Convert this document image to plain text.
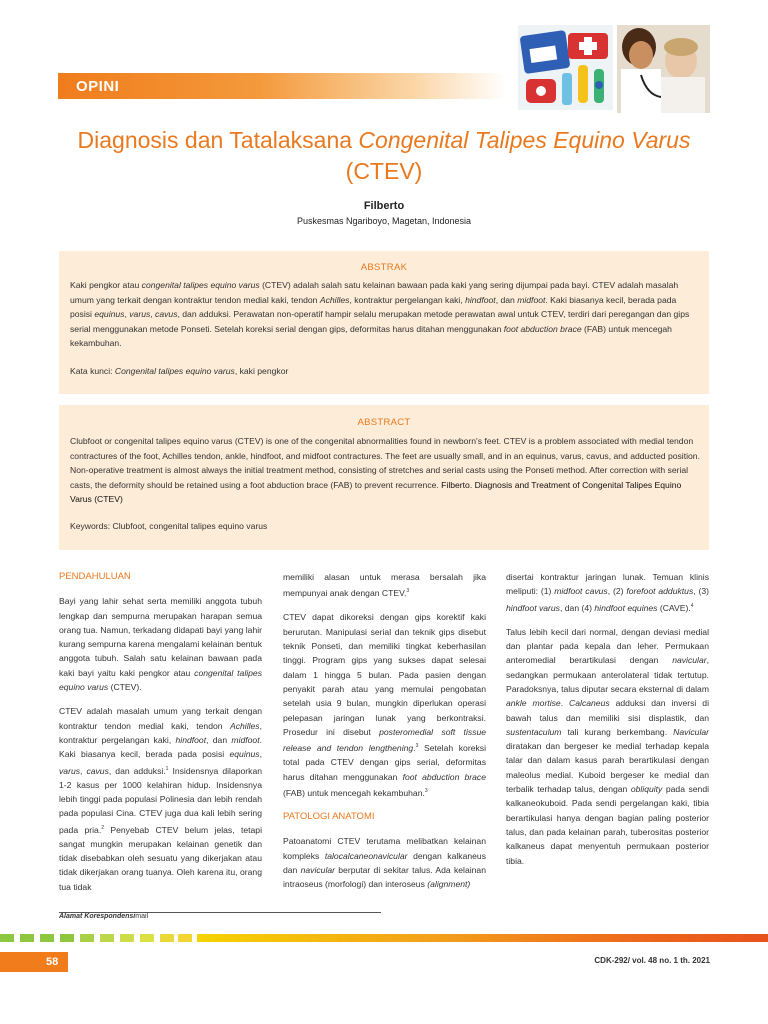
OPINI
Diagnosis dan Tatalaksana Congenital Talipes Equino Varus (CTEV)
Filberto
Puskesmas Ngariboyo, Magetan, Indonesia
ABSTRAK
Kaki pengkor atau congenital talipes equino varus (CTEV) adalah salah satu kelainan bawaan pada kaki yang sering dijumpai pada bayi. CTEV adalah masalah umum yang terkait dengan kontraktur tendon medial kaki, tendon Achilles, kontraktur pergelangan kaki, hindfoot, dan midfoot. Kaki biasanya kecil, berada pada posisi equinus, varus, cavus, dan adduksi. Perawatan non-operatif hampir selalu merupakan metode perawatan awal untuk CTEV, terdiri dari peregangan dan gips serial menggunakan metode Ponseti. Setelah koreksi serial dengan gips, deformitas harus ditahan menggunakan foot abduction brace (FAB) untuk mencegah kekambuhan.
Kata kunci: Congenital talipes equino varus, kaki pengkor
ABSTRACT
Clubfoot or congenital talipes equino varus (CTEV) is one of the congenital abnormalities found in newborn's feet. CTEV is a problem associated with medial tendon contractures of the foot, Achilles tendon, ankle, hindfoot, and midfoot contractures. The feet are usually small, and in an equinus, varus, cavus, and adducted position. Non-operative treatment is almost always the initial treatment method, consisting of stretches and serial casts using the Ponseti method. After correction with serial casts, the deformity should be retained using a foot abduction brace (FAB) to prevent recurrence. Filberto. Diagnosis and Treatment of Congenital Talipes Equino Varus (CTEV)
Keywords: Clubfoot, congenital talipes equino varus

PENDAHULUAN

Bayi yang lahir sehat serta memiliki anggota tubuh lengkap dan sempurna merupakan harapan semua orang tua. Namun, terkadang didapati bayi yang lahir kurang sempurna karena mengalami kelainan bentuk anggota tubuh. Salah satu kelainan bawaan pada kaki bayi yaitu kaki pengkor atau congenital talipes equino varus (CTEV).

CTEV adalah masalah umum yang terkait dengan kontraktur tendon medial kaki, tendon Achilles, kontraktur pergelangan kaki, hindfoot, dan midfoot. Kaki biasanya kecil, berada pada posisi equinus, varus, cavus, dan adduksi.$^1$ Insidensnya dilaporkan 1-2 kasus per 1000 kelahiran hidup. Insidensnya lebih tinggi pada populasi Polinesia dan lebih rendah pada populasi Cina. CTEV juga dua kali lebih sering pada pria.$^2$ Penyebab CTEV belum jelas, tetapi sangat mungkin merupakan kelainan genetik dan tidak disebabkan oleh sesuatu yang dikerjakan atau tidak dikerjakan orang tuanya. Oleh karena itu, orang tua tidak

memiliki alasan untuk merasa bersalah jika mempunyai anak dengan CTEV.$^3$

CTEV dapat dikoreksi dengan gips korektif kaki berurutan. Manipulasi serial dan teknik gips disebut teknik Ponseti, dan memiliki tingkat keberhasilan tinggi. Program gips yang sukses dapat selesai dalam 1 hingga 5 bulan. Pada pasien dengan penyakit parah atau yang memulai pengobatan setelah usia 9 bulan, mungkin diperlukan operasi pelepasan jaringan lunak yang berkontraksi. Prosedur ini disebut posteromedial soft tissue release and tendon lengthening.$^3$ Setelah koreksi total pada CTEV dengan gips serial, deformitas harus ditahan menggunakan foot abduction brace (FAB) untuk mencegah kekambuhan.$^3$

PATOLOGI ANATOMI

Patoanatomi CTEV terutama melibatkan kelainan kompleks talocalcaneonavicular dengan kalkaneus dan navicular berputar di sekitar talus. Ada kelainan intraoseus (morfologi) dan interoseus (alignment)

disertai kontraktur jaringan lunak. Temuan klinis meliputi: (1) midfoot cavus, (2) forefoot adduktus, (3) hindfoot varus, dan (4) hindfoot equines (CAVE).$^4$

Talus lebih kecil dari normal, dengan deviasi medial dan plantar pada kepala dan leher. Permukaan anteromedial berartikulasi dengan navicular, sedangkan permukaan anterolateral tidak tertutup. Paradoksnya, talus diputar secara eksternal di dalam ankle mortise. Calcaneus adduksi dan inversi di bawah talus dan memiliki sisi displastik, dan sustentaculum tali kurang berkembang. Navicular diratakan dan bergeser ke medial terhadap kepala talar dan dalam kasus parah berartikulasi dengan maleolus medial. Kuboid bergeser ke medial dan terbalik terhadap talus, dengan obliquity pada sendi kalkaneokuboid. Pada sendi pergelangan kaki, tibia berartikulasi hanya dengan bagian paling posterior talus, dan pada kelainan parah, tuberositas posterior kalkaneus dapat menyentuh permukaan posterior tibia.

Alamat Korespondensimail
58	CDK-292/ vol. 48 no. 1 th. 2021
